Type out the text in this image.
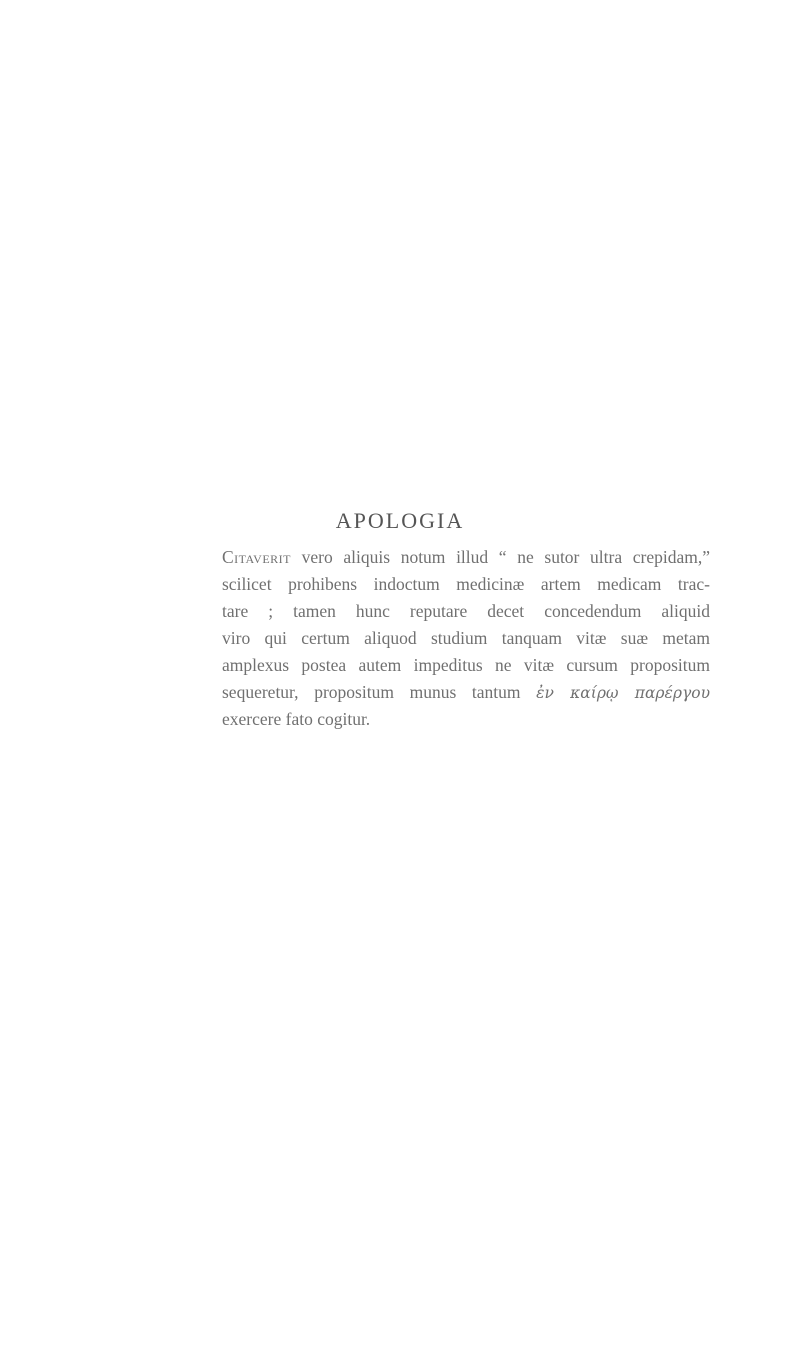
APOLOGIA
Citaverit vero aliquis notum illud “ ne sutor ultra crepidam,”
scilicet prohibens indoctum medicinæ artem medicam trac-
tare ; tamen hunc reputare decet concedendum aliquid
viro qui certum aliquod studium tanquam vitæ suæ metam
amplexus postea autem impeditus ne vitæ cursum propositum
sequeretur, propositum munus tantum ἐν καίρῳ παρέργου
exercere fato cogitur.
